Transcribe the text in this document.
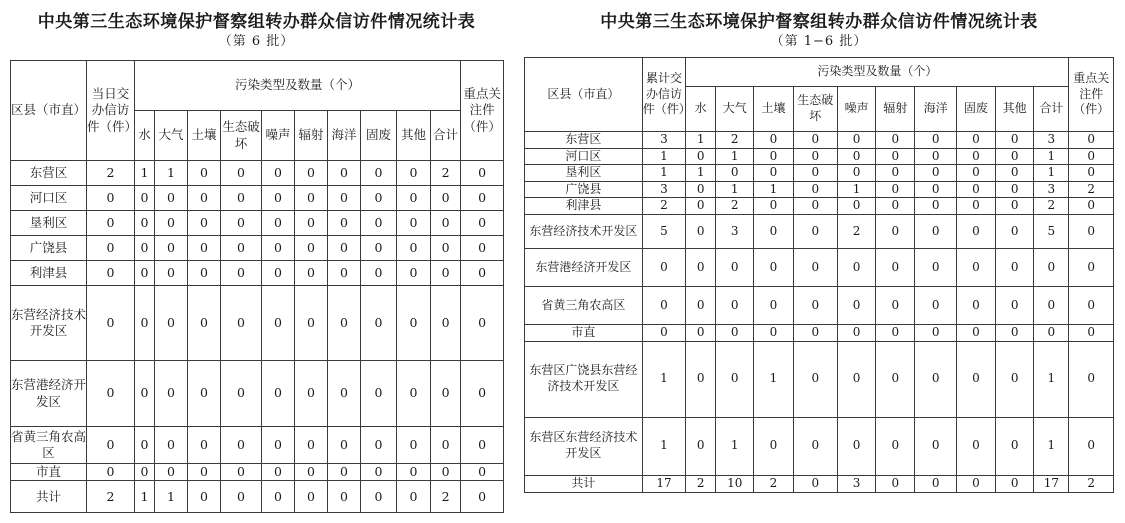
中央第三生态环境保护督察组转办群众信访件情况统计表
（第 6 批）
区县（市直）	当日交办信访件（件）	污染类型及数量（个）										重点关注件（件）
		水	大气	土壤	生态破坏	噪声	辐射	海洋	固废	其他	合计	
东营区	2	1	1	0	0	0	0	0	0	0	2	0
河口区	0	0	0	0	0	0	0	0	0	0	0	0
垦利区	0	0	0	0	0	0	0	0	0	0	0	0
广饶县	0	0	0	0	0	0	0	0	0	0	0	0
利津县	0	0	0	0	0	0	0	0	0	0	0	0
东营经济技术开发区	0	0	0	0	0	0	0	0	0	0	0	0
东营港经济开发区	0	0	0	0	0	0	0	0	0	0	0	0
省黄三角农高区	0	0	0	0	0	0	0	0	0	0	0	0
市直	0	0	0	0	0	0	0	0	0	0	0	0
共计	2	1	1	0	0	0	0	0	0	0	2	0
中央第三生态环境保护督察组转办群众信访件情况统计表
（第 1−6 批）
区县（市直）	累计交办信访件（件）	污染类型及数量（个）										重点关注件（件）
		水	大气	土壤	生态破坏	噪声	辐射	海洋	固废	其他	合计	
东营区	3	1	2	0	0	0	0	0	0	0	3	0
河口区	1	0	1	0	0	0	0	0	0	0	1	0
垦利区	1	1	0	0	0	0	0	0	0	0	1	0
广饶县	3	0	1	1	0	1	0	0	0	0	3	2
利津县	2	0	2	0	0	0	0	0	0	0	2	0
东营经济技术开发区	5	0	3	0	0	2	0	0	0	0	5	0
东营港经济开发区	0	0	0	0	0	0	0	0	0	0	0	0
省黄三角农高区	0	0	0	0	0	0	0	0	0	0	0	0
市直	0	0	0	0	0	0	0	0	0	0	0	0
东营区广饶县东营经济技术开发区	1	0	0	1	0	0	0	0	0	0	1	0
东营区东营经济技术开发区	1	0	1	0	0	0	0	0	0	0	1	0
共计	17	2	10	2	0	3	0	0	0	0	17	2
